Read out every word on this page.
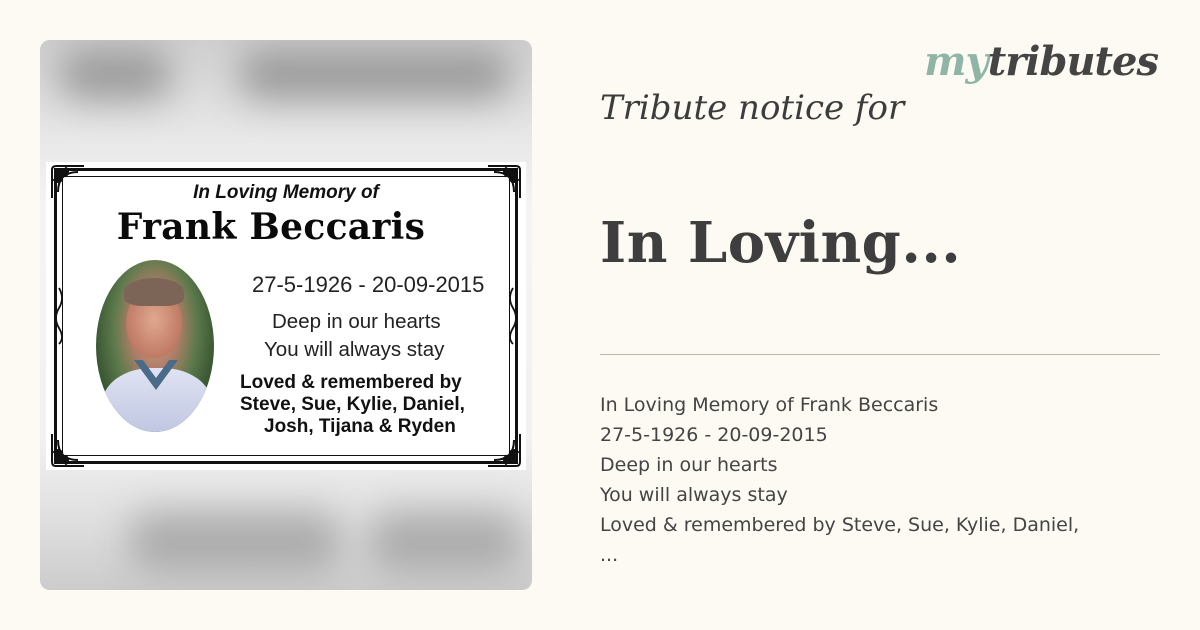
In Loving Memory of
Frank Beccaris
27-5-1926 - 20-09-2015
Deep in our hearts
You will always stay
Loved & remembered by
Steve, Sue, Kylie, Daniel,
Josh, Tijana & Ryden
mytributes
Tribute notice for
In Loving...
In Loving Memory of Frank Beccaris
27-5-1926 - 20-09-2015
Deep in our hearts
You will always stay
Loved & remembered by Steve, Sue, Kylie, Daniel,
...
